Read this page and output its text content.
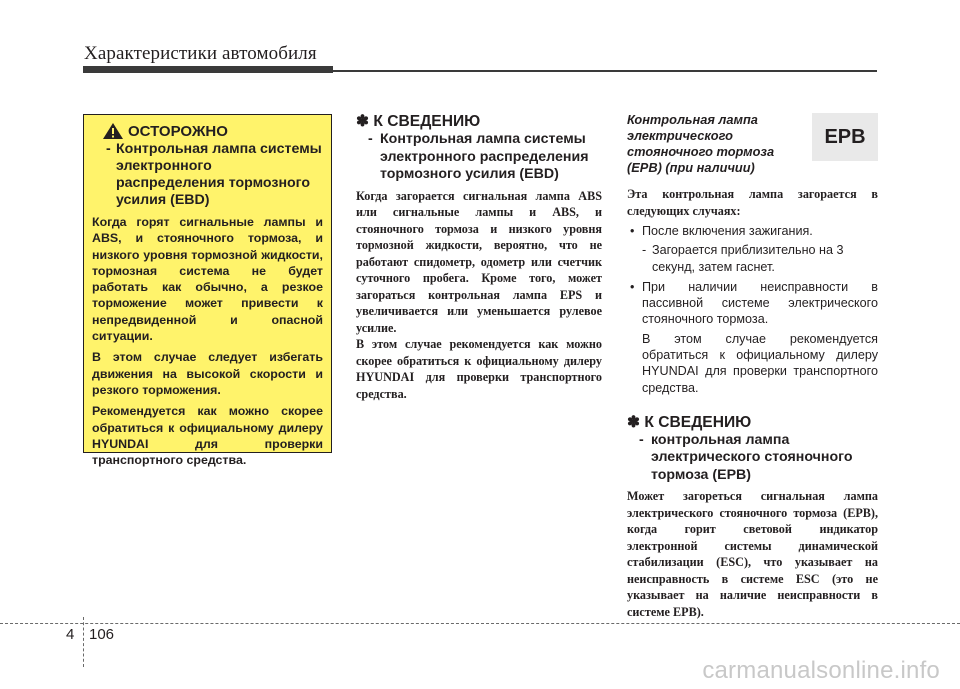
Характеристики автомобиля
ОСТОРОЖНО
- Контрольная лампа системы электронного распределения тормозного усилия (EBD)

Когда горят сигнальные лампы и ABS, и стояночного тормоза, и низкого уровня тормозной жидкости, тормозная система не будет работать как обычно, а резкое торможение может привести к непредвиденной и опасной ситуации.

В этом случае следует избегать движения на высокой скорости и резкого торможения.

Рекомендуется как можно скорее обратиться к официальному дилеру HYUNDAI для проверки транспортного средства.

✽ К СВЕДЕНИЮ
- Контрольная лампа системы электронного распределения тормозного усилия (EBD)

Когда загорается сигнальная лампа ABS или сигнальные лампы и ABS, и стояночного тормоза и низкого уровня тормозной жидкости, вероятно, что не работают спидометр, одометр или счетчик суточного пробега. Кроме того, может загораться контрольная лампа EPS и увеличивается или уменьшается рулевое усилие.
В этом случае рекомендуется как можно скорее обратиться к официальному дилеру HYUNDAI для проверки транспортного средства.

Контрольная лампа электрического стояночного тормоза (EPB) (при наличии)

Эта контрольная лампа загорается в следующих случаях:

• После включения зажигания.

- Загорается приблизительно на 3 секунд, затем гаснет.

• При наличии неисправности в пассивной системе электрического стояночного тормоза.

В этом случае рекомендуется обратиться к официальному дилеру HYUNDAI для проверки транспортного средства.

✽ К СВЕДЕНИЮ
- контрольная лампа электрического стояночного тормоза (EPB)

Может загореться сигнальная лампа электрического стояночного тормоза (EPB), когда горит световой индикатор электронной системы динамической стабилизации (ESC), что указывает на неисправность в системе ESC (это не указывает на наличие неисправности в системе EPB).

EPB
4 106
carmanualsonline.info
